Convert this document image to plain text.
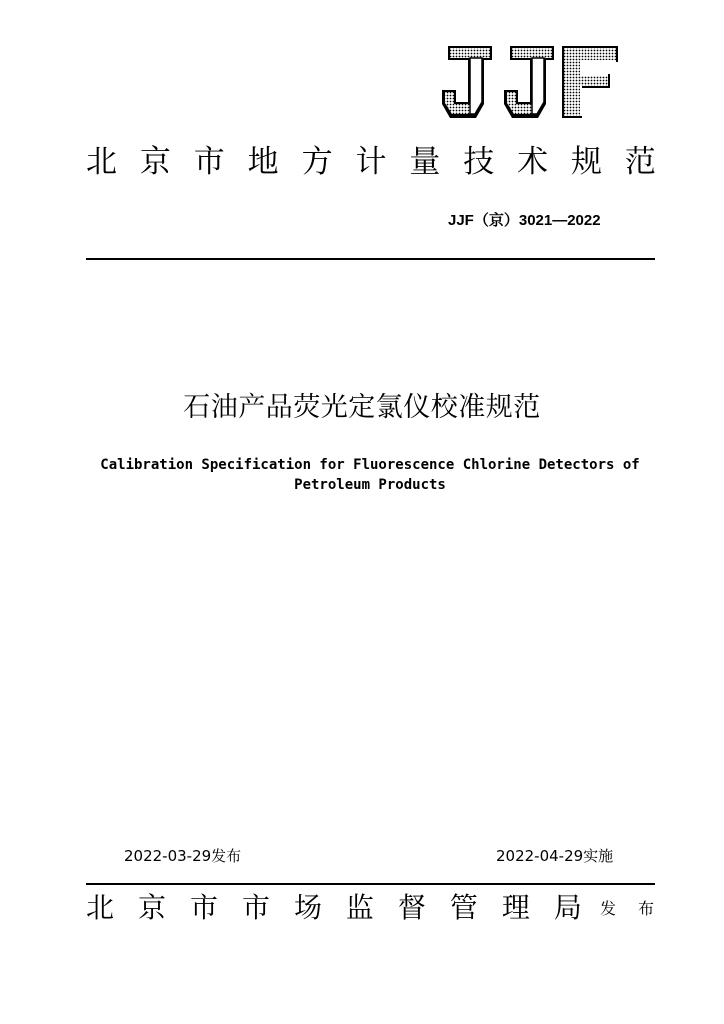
北 京 市 地 方 计 量 技 术 规 范
JJF（京）3021—2022
石油产品荧光定氯仪校准规范
Calibration Specification for Fluorescence Chlorine Detectors of Petroleum Products
2022-03-29发布	2022-04-29实施
北 京 市 市 场 监 督 管 理 局 发 布
